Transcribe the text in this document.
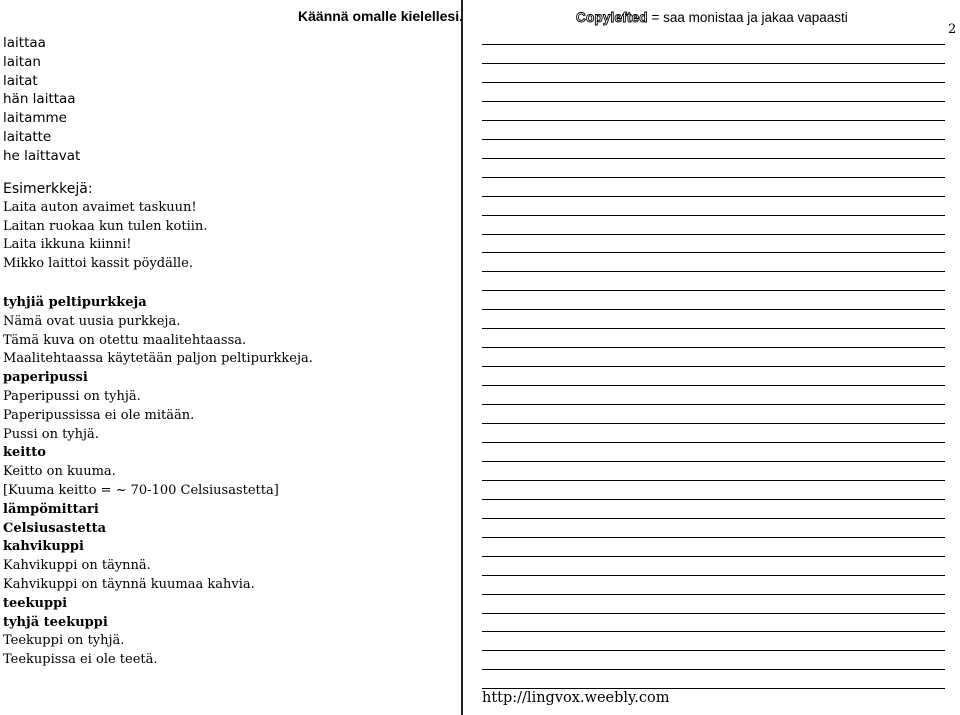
Käännä omalle kielellesi.
laittaa
laitan
laitat
hän laittaa
laitamme
laitatte
he laittavat
Esimerkkejä:
Laita auton avaimet taskuun!
Laitan ruokaa kun tulen kotiin.
Laita ikkuna kiinni!
Mikko laittoi kassit pöydälle.
tyhjiä peltipurkkeja
Nämä ovat uusia purkkeja.
Tämä kuva on otettu maalitehtaassa.
Maalitehtaassa käytetään paljon peltipurkkeja.
paperipussi
Paperipussi on tyhjä.
Paperipussissa ei ole mitään.
Pussi on tyhjä.
keitto
Keitto on kuuma.
[Kuuma keitto = ~ 70-100 Celsiusastetta]
lämpömittari
Celsiusastetta
kahvikuppi
Kahvikuppi on täynnä.
Kahvikuppi on täynnä kuumaa kahvia.
teekuppi
tyhjä teekuppi
Teekuppi on tyhjä.
Teekupissa ei ole teetä.
Copylefted = saa monistaa ja jakaa vapaasti
2
http://lingvox.weebly.com
